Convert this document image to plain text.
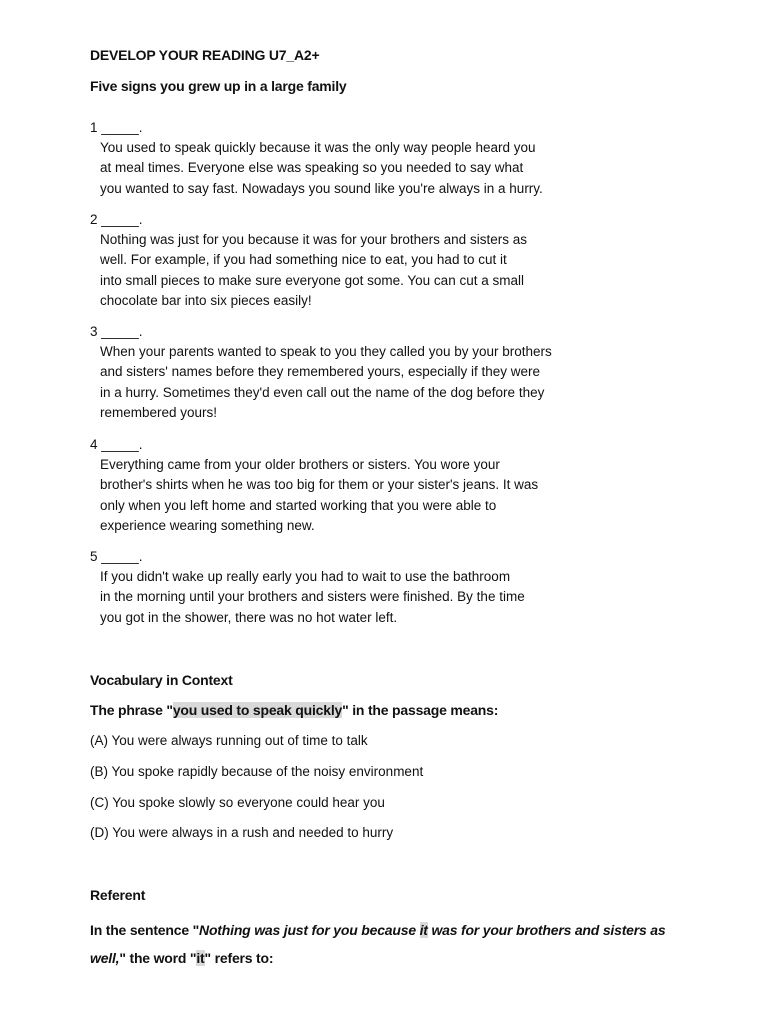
DEVELOP YOUR READING U7_A2+
Five signs you grew up in a large family
1 _____.
You used to speak quickly because it was the only way people heard you
at meal times. Everyone else was speaking so you needed to say what
you wanted to say fast. Nowadays you sound like you're always in a hurry.
2 _____.
Nothing was just for you because it was for your brothers and sisters as
well. For example, if you had something nice to eat, you had to cut it
into small pieces to make sure everyone got some. You can cut a small
chocolate bar into six pieces easily!
3 _____.
When your parents wanted to speak to you they called you by your brothers
and sisters' names before they remembered yours, especially if they were
in a hurry. Sometimes they'd even call out the name of the dog before they
remembered yours!
4 _____.
Everything came from your older brothers or sisters. You wore your
brother's shirts when he was too big for them or your sister's jeans. It was
only when you left home and started working that you were able to
experience wearing something new.
5 _____.
If you didn't wake up really early you had to wait to use the bathroom
in the morning until your brothers and sisters were finished. By the time
you got in the shower, there was no hot water left.
Vocabulary in Context
The phrase "you used to speak quickly" in the passage means:
(A) You were always running out of time to talk
(B) You spoke rapidly because of the noisy environment
(C) You spoke slowly so everyone could hear you
(D) You were always in a rush and needed to hurry
Referent
In the sentence "Nothing was just for you because it was for your brothers and sisters as well," the word "it" refers to:
